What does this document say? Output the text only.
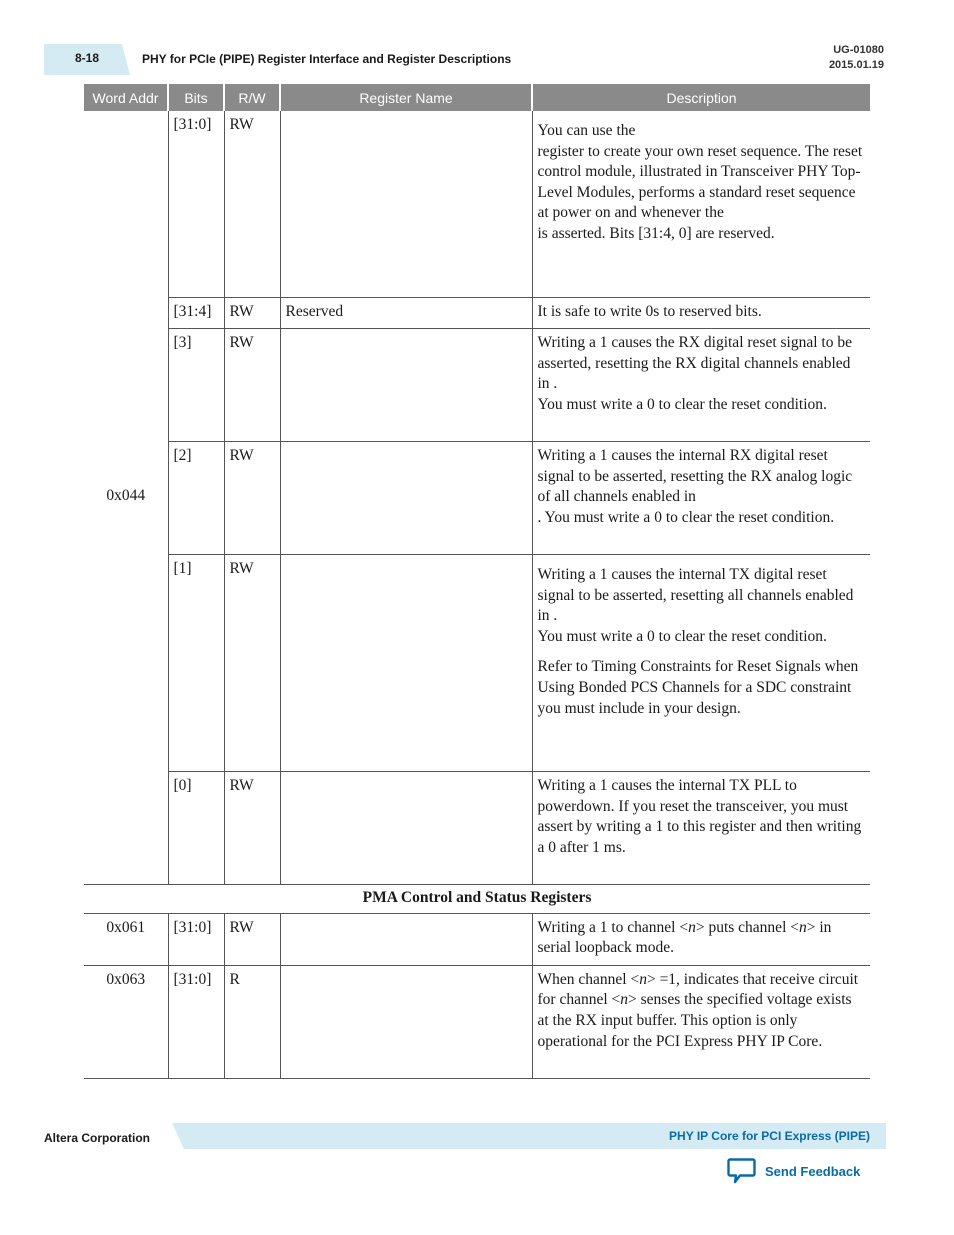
8-18	PHY for PCIe (PIPE) Register Interface and Register Descriptions
UG-01080
2015.01.19
Word Addr	Bits	R/W	Register Name	Description
0x044	[31:0]	RW		You can use the
register to create your own reset sequence. The reset control module, illustrated in Transceiver PHY Top-Level Modules, performs a standard reset sequence at power on and whenever the
is asserted. Bits [31:4, 0] are reserved.

	[31:4]	RW	Reserved	It is safe to write 0s to reserved bits.

	[3]	RW		Writing a 1 causes the RX digital reset signal to be asserted, resetting the RX digital channels enabled in .
You must write a 0 to clear the reset condition.

	[2]	RW		Writing a 1 causes the internal RX digital reset signal to be asserted, resetting the RX analog logic of all channels enabled in
. You must write a 0 to clear the reset condition.

	[1]	RW		Writing a 1 causes the internal TX digital reset signal to be asserted, resetting all channels enabled in .
You must write a 0 to clear the reset condition.

Refer to Timing Constraints for Reset Signals when Using Bonded PCS Channels for a SDC constraint you must include in your design.

	[0]	RW		Writing a 1 causes the internal TX PLL to powerdown. If you reset the transceiver, you must assert by writing a 1 to this register and then writing a 0 after 1 ms.

PMA Control and Status Registers				
0x061	[31:0]	RW		Writing a 1 to channel <n> puts channel <n> in serial loopback mode.
0x063	[31:0]	R		When channel <n> =1, indicates that receive circuit for channel <n> senses the specified voltage exists at the RX input buffer. This option is only operational for the PCI Express PHY IP Core.
Altera Corporation	PHY IP Core for PCI Express (PIPE)
Send Feedback
